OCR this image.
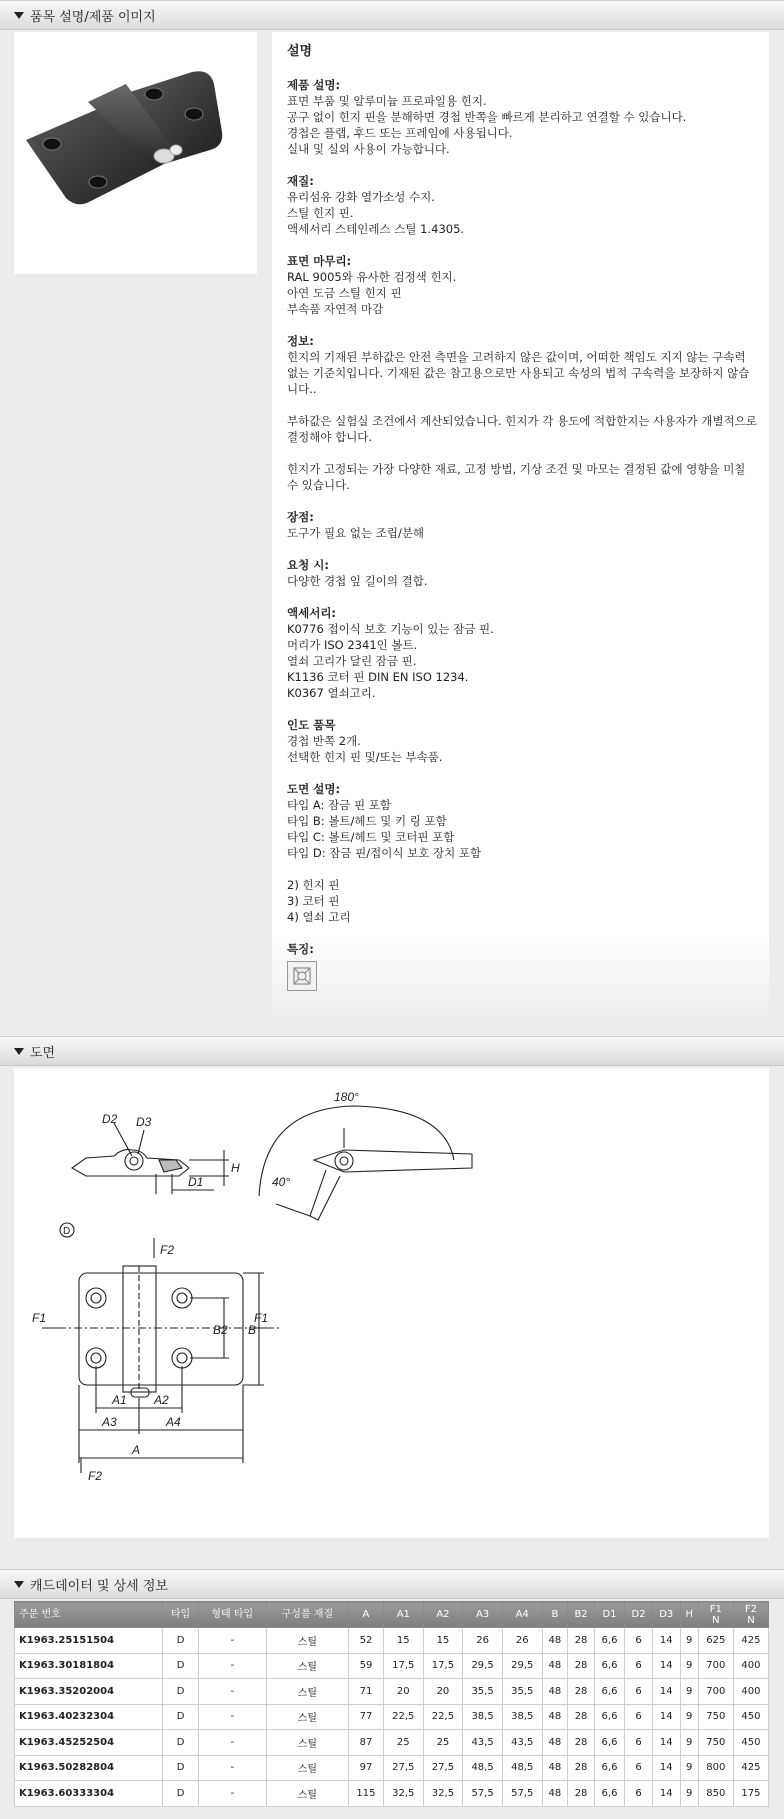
품목 설명/제품 이미지
설명
제품 설명:
표면 부품 및 알루미늄 프로파일용 힌지.
공구 없이 힌지 핀을 분해하면 경첩 반쪽을 빠르게 분리하고 연결할 수 있습니다.
경첩은 플랩, 후드 또는 프레임에 사용됩니다.
실내 및 실외 사용이 가능합니다.
재질:
유리섬유 강화 열가소성 수지.
스틸 힌지 핀.
액세서리 스테인레스 스틸 1.4305.
표면 마무리:
RAL 9005와 유사한 검정색 힌지.
아연 도금 스틸 힌지 핀
부속품 자연적 마감
정보:
힌지의 기재된 부하값은 안전 측면을 고려하지 않은 값이며, 어떠한 책임도 지지 않는 구속력 없는 기준치입니다. 기재된 값은 참고용으로만 사용되고 속성의 법적 구속력을 보장하지 않습니다..
부하값은 실험실 조건에서 계산되었습니다. 힌지가 각 용도에 적합한지는 사용자가 개별적으로 결정해야 합니다.
힌지가 고정되는 가장 다양한 재료, 고정 방법, 기상 조건 및 마모는 결정된 값에 영향을 미칠 수 있습니다.
장점:
도구가 필요 없는 조립/분해
요청 시:
다양한 경첩 잎 길이의 결합.
액세서리:
K0776 접이식 보호 기능이 있는 잠금 핀.
머리가 ISO 2341인 볼트.
열쇠 고리가 달린 잠금 핀.
K1136 코터 핀 DIN EN ISO 1234.
K0367 열쇠고리.
인도 품목
경첩 반쪽 2개.
선택한 힌지 핀 및/또는 부속품.
도면 설명:
타입 A: 잠금 핀 포함
타입 B: 볼트/헤드 및 키 링 포함
타입 C: 볼트/헤드 및 코터핀 포함
타입 D: 잠금 핀/접이식 보호 장치 포함
2) 힌지 핀
3) 코터 핀
4) 열쇠 고리
특징:
도면
D2 D3
H
D1
180°
40°
D
F2
F1	F1
B2 B
A1 A2
A3	A4
A
F2
캐드데이터 및 상세 정보
주문 번호	타입	형태 타입	구성품 재질	A	A1	A2	A3	A4	B	B2	D1	D2	D3	H	F1
N	F2
N
K1963.25151504	D	-	스틸	52	15	15	26	26	48	28	6,6	6	14	9	625	425
K1963.30181804	D	-	스틸	59	17,5	17,5	29,5	29,5	48	28	6,6	6	14	9	700	400
K1963.35202004	D	-	스틸	71	20	20	35,5	35,5	48	28	6,6	6	14	9	700	400
K1963.40232304	D	-	스틸	77	22,5	22,5	38,5	38,5	48	28	6,6	6	14	9	750	450
K1963.45252504	D	-	스틸	87	25	25	43,5	43,5	48	28	6,6	6	14	9	750	450
K1963.50282804	D	-	스틸	97	27,5	27,5	48,5	48,5	48	28	6,6	6	14	9	800	425
K1963.60333304	D	-	스틸	115	32,5	32,5	57,5	57,5	48	28	6,6	6	14	9	850	175
